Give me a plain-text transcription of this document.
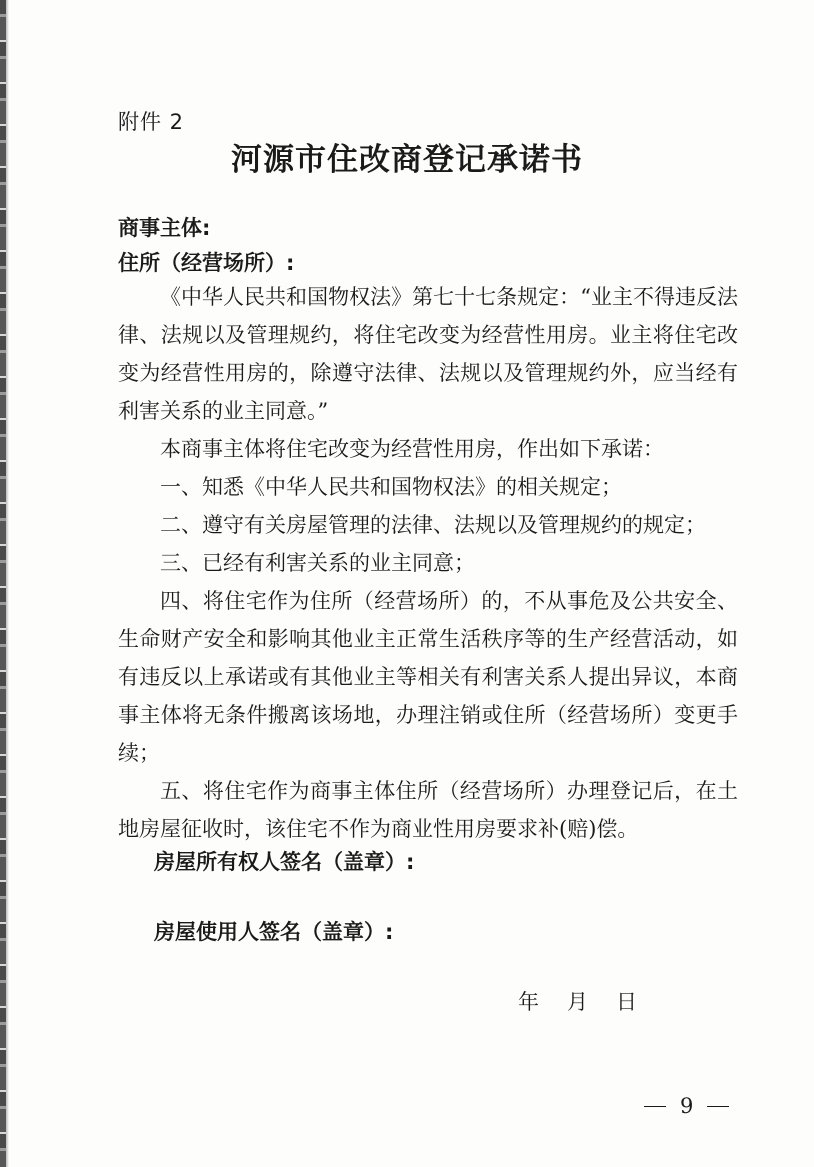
附件 2
河源市住改商登记承诺书
商事主体:
住所（经营场所）:

《中华人民共和国物权法》第七十七条规定：“业主不得违反法律、法规以及管理规约，将住宅改变为经营性用房。业主将住宅改变为经营性用房的，除遵守法律、法规以及管理规约外，应当经有利害关系的业主同意。”

本商事主体将住宅改变为经营性用房，作出如下承诺：

一、知悉《中华人民共和国物权法》的相关规定；

二、遵守有关房屋管理的法律、法规以及管理规约的规定；

三、已经有利害关系的业主同意；

四、将住宅作为住所（经营场所）的，不从事危及公共安全、生命财产安全和影响其他业主正常生活秩序等的生产经营活动，如有违反以上承诺或有其他业主等相关有利害关系人提出异议，本商事主体将无条件搬离该场地，办理注销或住所（经营场所）变更手续；

五、将住宅作为商事主体住所（经营场所）办理登记后，在土地房屋征收时，该住宅不作为商业性用房要求补(赔)偿。

房屋所有权人签名（盖章）:
房屋使用人签名（盖章）:
年 月 日
9
